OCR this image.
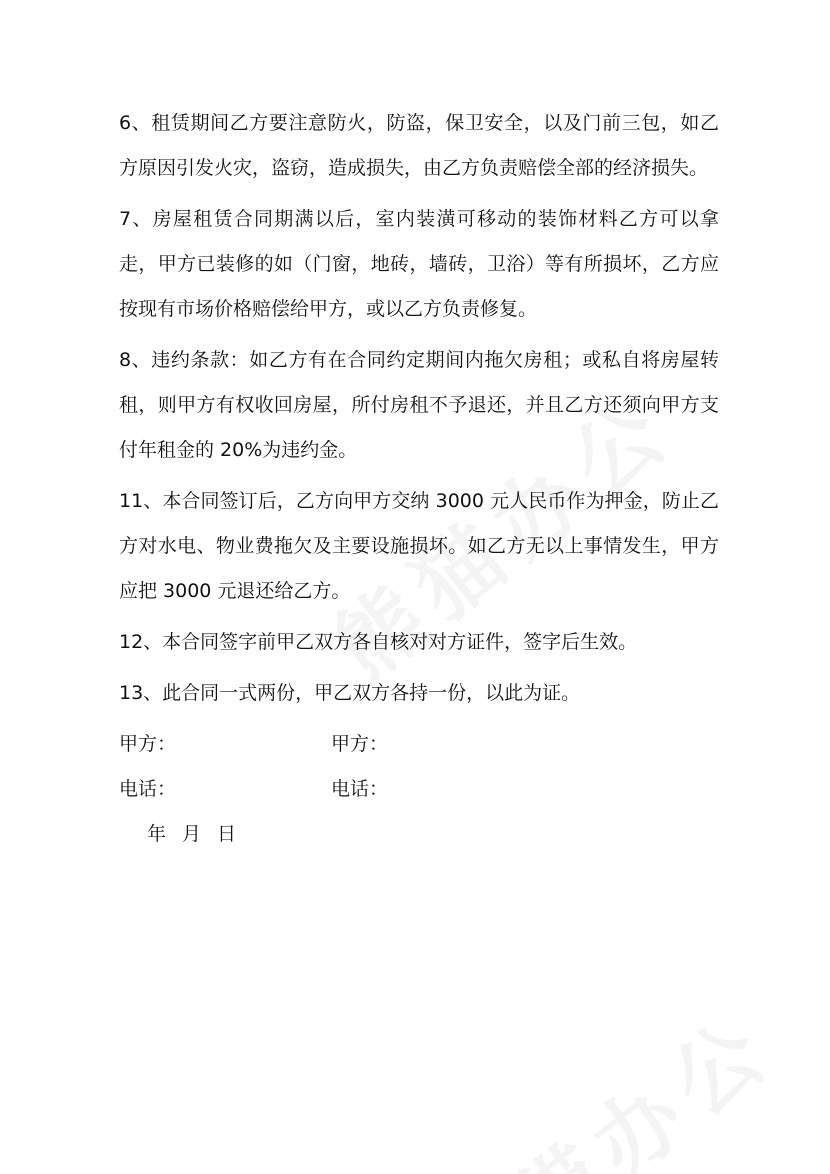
6、租赁期间乙方要注意防火，防盗，保卫安全，以及门前三包，如乙方原因引发火灾，盗窃，造成损失，由乙方负责赔偿全部的经济损失。

7、房屋租赁合同期满以后，室内装潢可移动的装饰材料乙方可以拿走，甲方已装修的如（门窗，地砖，墙砖，卫浴）等有所损坏，乙方应按现有市场价格赔偿给甲方，或以乙方负责修复。

8、违约条款：如乙方有在合同约定期间内拖欠房租；或私自将房屋转租，则甲方有权收回房屋，所付房租不予退还，并且乙方还须向甲方支付年租金的 20%为违约金。

11、本合同签订后，乙方向甲方交纳 3000 元人民币作为押金，防止乙方对水电、物业费拖欠及主要设施损坏。如乙方无以上事情发生，甲方应把 3000 元退还给乙方。

12、本合同签字前甲乙双方各自核对对方证件，签字后生效。

13、此合同一式两份，甲乙双方各持一份，以此为证。

甲方：	甲方：
电话：	电话：
年 月 日
